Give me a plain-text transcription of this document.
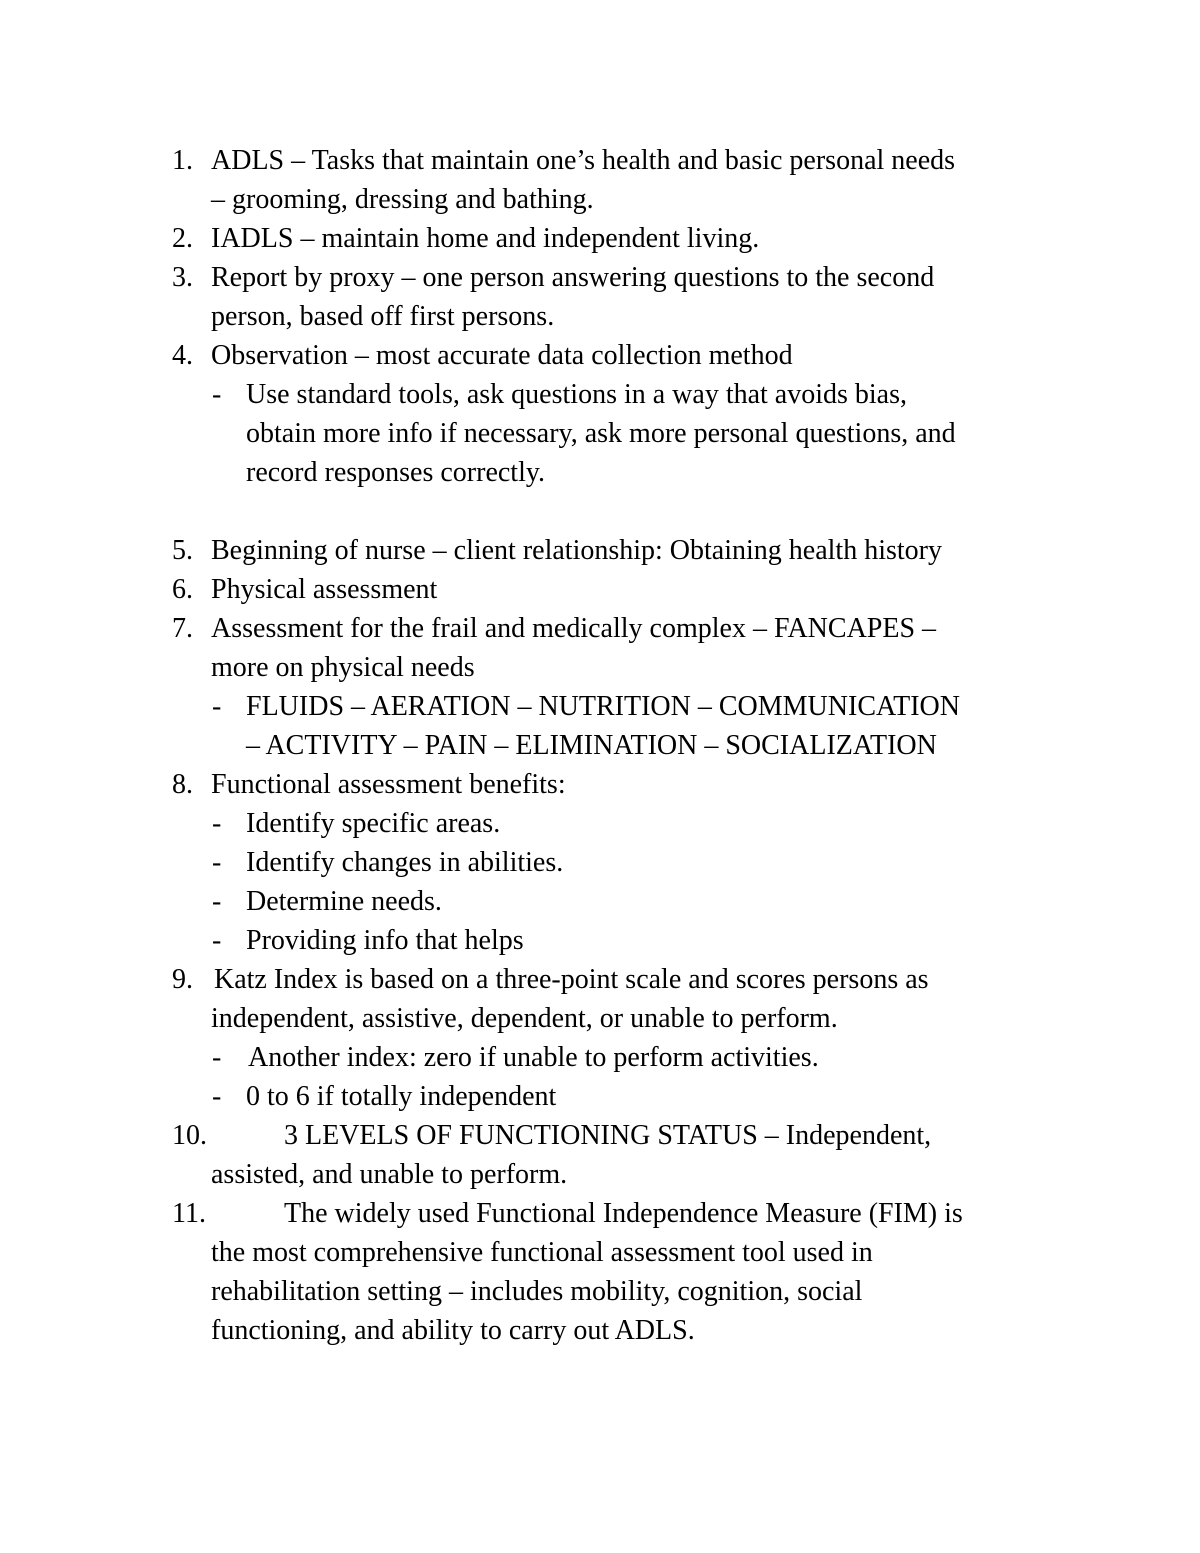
1. ADLS – Tasks that maintain one’s health and basic personal needs
– grooming, dressing and bathing.
2. IADLS – maintain home and independent living.
3. Report by proxy – one person answering questions to the second
person, based off first persons.
4. Observation – most accurate data collection method
- Use standard tools, ask questions in a way that avoids bias,
obtain more info if necessary, ask more personal questions, and
record responses correctly.
5. Beginning of nurse – client relationship: Obtaining health history
6. Physical assessment
7. Assessment for the frail and medically complex – FANCAPES –
more on physical needs
- FLUIDS – AERATION – NUTRITION – COMMUNICATION
– ACTIVITY – PAIN – ELIMINATION – SOCIALIZATION
8. Functional assessment benefits:
- Identify specific areas.
- Identify changes in abilities.
- Determine needs.
- Providing info that helps
9. Katz Index is based on a three-point scale and scores persons as
independent, assistive, dependent, or unable to perform.
- Another index: zero if unable to perform activities.
- 0 to 6 if totally independent
10.	3 LEVELS OF FUNCTIONING STATUS – Independent,
assisted, and unable to perform.
11.	The widely used Functional Independence Measure (FIM) is
the most comprehensive functional assessment tool used in
rehabilitation setting – includes mobility, cognition, social
functioning, and ability to carry out ADLS.
